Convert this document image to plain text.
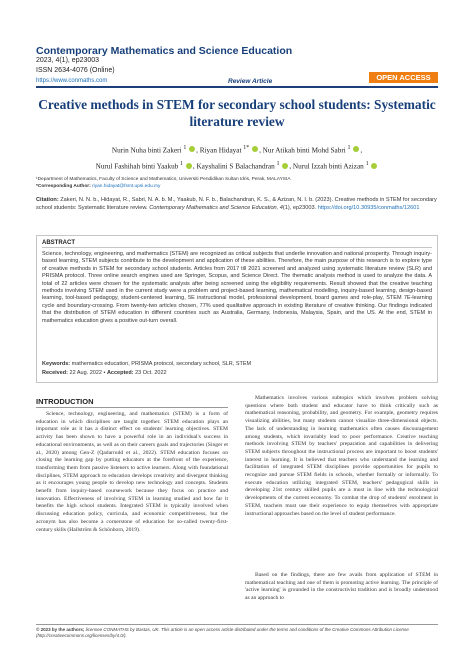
Contemporary Mathematics and Science Education
2023, 4(1), ep23003
ISSN 2634-4076 (Online)
https://www.conmaths.com	Review Article	OPEN ACCESS
Creative methods in STEM for secondary school students: Systematic literature review
Nurin Nuha binti Zakeri $^1$ , Riyan Hidayat $^{1*}$ , Nur Atikah binti Mohd Sabri $^1$ ,
Nurul Fashihah binti Yaakub $^1$ , Kayshalini S Balachandran $^1$ , Nurul Izzah binti Azizan $^1$
¹Department of Mathematics, Faculty of Science and Mathematics, Universiti Pendidikan Sultan Idris, Perak, MALAYSIA
*Corresponding Author: riyan.hidayat@fsmt.upsi.edu.my
Citation: Zakeri, N. N. b., Hidayat, R., Sabri, N. A. b. M., Yaakub, N. F. b., Balachandran, K. S., & Azizan, N. I. b. (2023). Creative methods in STEM for secondary school students: Systematic literature review. Contemporary Mathematics and Science Education, 4(1), ep23003. https://doi.org/10.30935/conmaths/12601
ABSTRACT
Science, technology, engineering, and mathematics (STEM) are recognized as critical subjects that underlie innovation and national prosperity. Through inquiry-based learning, STEM subjects contribute to the development and application of these abilities. Therefore, the main purpose of this research is to explore type of creative methods in STEM for secondary school students. Articles from 2017 till 2021 screened and analyzed using systematic literature review (SLR) and PRISMA protocol. Three online search engines used are Springer, Scopus, and Science Direct. The thematic analysis method is used to analyze the data. A total of 22 articles were chosen for the systematic analysis after being screened using the eligibility requirements. Result showed that the creative teaching methods involving STEM used in the current study were a problem and project-based learning, mathematical modelling, inquiry-based learning, design-based learning, tool-based pedagogy, student-centered learning, 5E instructional model, professional development, board games and role-play, STEM 7E-learning cycle and boundary-crossing. From twenty-two articles chosen, 77% used qualitative approach in existing literature of creative thinking. Our findings indicated that the distribution of STEM education in different countries such as Australia, Germany, Indonesia, Malaysia, Spain, and the US. At the end, STEM in mathematics education gives a positive out-turn overall.
Keywords: mathematics education, PRISMA protocol, secondary school, SLR, STEM
Received: 22 Aug. 2022 • Accepted: 23 Oct. 2022
INTRODUCTION

Science, technology, engineering, and mathematics (STEM) is a form of education in which disciplines are taught together. STEM education plays an important role as it has a distinct effect on students' learning objectives. STEM activity has been shown to have a powerful role in an individual's success in educational environments, as well as on their careers goals and trajectories (Singer et al., 2020) among Gen-Z (Qadarrudd et al., 2022). STEM education focuses on closing the learning gap by putting educators at the forefront of the experience, transforming them from passive listeners to active learners. Along with foundational disciplines, STEM approach to education develops creativity and divergent thinking as it encourages young people to develop new technology and concepts. Students benefit from inquiry-based coursework because they focus on practice and innovation. Effectiveness of involving STEM in learning studied and how far it benefits the high school students. Integrated STEM is typically involved when discussing education policy, curricula, and economic competitiveness, but the acronym has also become a cornerstone of education for so-called twenty-first-century skills (Hallström & Schönborn, 2019).

Mathematics involves various subtopics which involves problem solving questions where both student and educator have to think critically such as mathematical reasoning, probability, and geometry. For example, geometry requires visualizing abilities, but many students cannot visualize three-dimensional objects. The lack of understanding in learning mathematics often causes discouragement among students, which invariably lead to poor performance. Creative teaching methods involving STEM by teachers' preparation and capabilities in delivering STEM subjects throughout the instructional process are important to boost students' interest in learning. It is believed that teachers who understand the learning and facilitation of integrated STEM disciplines provide opportunities for pupils to recognize and pursue STEM fields in schools, whether formally or informally. To execute education utilizing integrated STEM, teachers' pedagogical skills in developing 21st century skilled pupils are a must in line with the technological developments of the current economy. To combat the drop of students' enrolment in STEM, teachers must use their experience to equip themselves with appropriate instructional approaches based on the level of student performance.

Based on the findings, there are few avails from application of STEM in mathematical teaching and one of them is promoting active learning. The principle of 'active learning' is grounded in the constructivist tradition and is broadly understood as an approach to

© 2023 by the authors; licensee CONMATHS by Bastas, UK. This article is an open access article distributed under the terms and conditions of the Creative Commons Attribution License (http://creativecommons.org/licenses/by/4.0/).
